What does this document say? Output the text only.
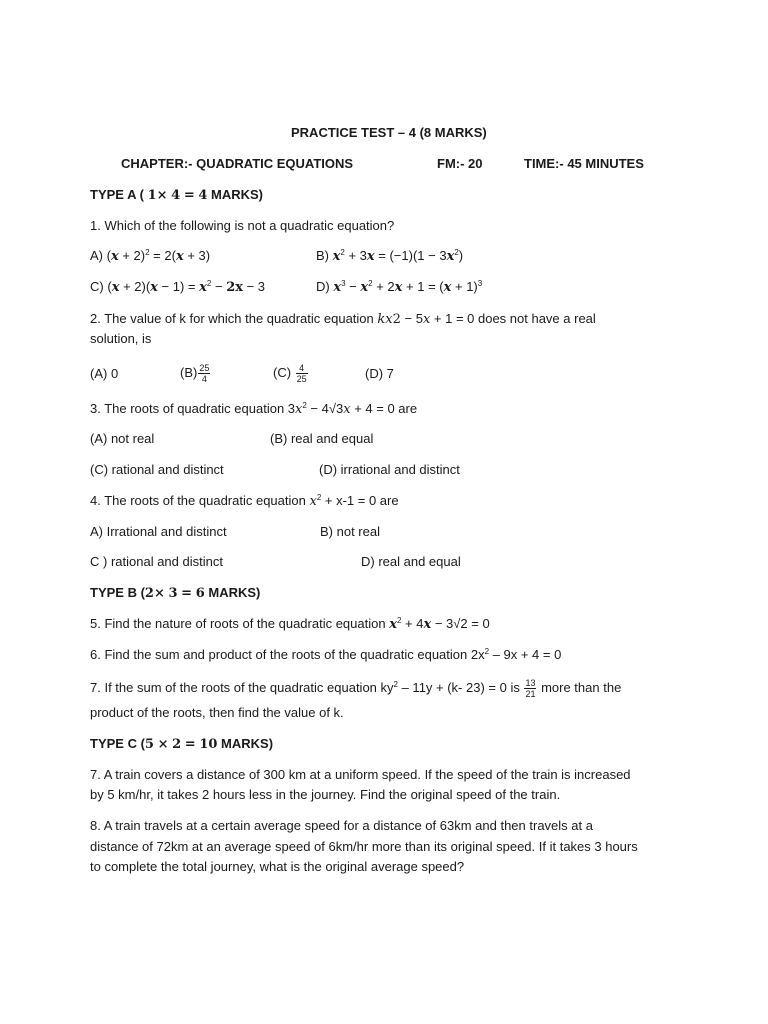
PRACTICE TEST – 4 (8 MARKS)
CHAPTER:- QUADRATIC EQUATIONS	FM:- 20	TIME:- 45 MINUTES
TYPE A ( 1× 4 = 4 MARKS)
1. Which of the following is not a quadratic equation?
A) $(x + 2)^2 = 2(x + 3)$	B) $x^2 + 3x = (-1)(1 - 3x^2)$
C) $(x + 2)(x - 1) = x^2 - 2x - 3$	D) $x^3 - x^2 + 2x + 1 = (x + 1)^3$
2. The value of k for which the quadratic equation kx2 − 5x + 1 = 0 does not have a real
solution, is
(A) 0	$(B) \frac{25}{4}$	$(C) \frac{4}{25}$	(D) 7
3. The roots of quadratic equation $3x^2 - 4√3x + 4 = 0$ are
(A) not real	(B) real and equal
(C) rational and distinct	(D) irrational and distinct
4. The roots of the quadratic equation $x^2 + x-1 = 0$ are
A) Irrational and distinct	B) not real
C ) rational and distinct	D) real and equal
TYPE B (2× 3 = 6 MARKS)
5. Find the nature of roots of the quadratic equation $x^2 + 4x - 3√2 = 0$
6. Find the sum and product of the roots of the quadratic equation $2x^2 - 9x + 4 = 0$
7. If the sum of the roots of the quadratic equation $ky^2 - 11y + (k-$ 23) = 0 is $\frac{13}{21}$ more than the
product of the roots, then find the value of k.
TYPE C (5 × 2 = 10 MARKS)
7. A train covers a distance of 300 km at a uniform speed. If the speed of the train is increased
by 5 km/hr, it takes 2 hours less in the journey. Find the original speed of the train.
8. A train travels at a certain average speed for a distance of 63km and then travels at a
distance of 72km at an average speed of 6km/hr more than its original speed. If it takes 3 hours
to complete the total journey, what is the original average speed?
